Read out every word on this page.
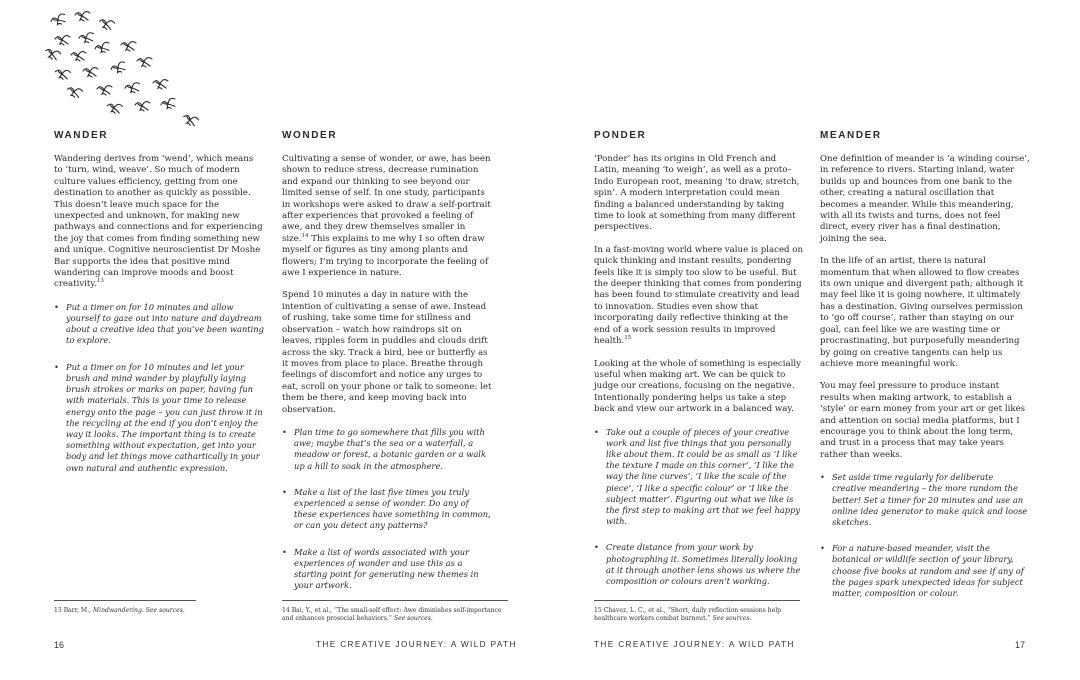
WANDER

Wandering derives from ‘wend’, which means to ‘turn, wind, weave’. So much of modern culture values efficiency, getting from one destination to another as quickly as possible. This doesn’t leave much space for the unexpected and unknown, for making new pathways and connections and for experiencing the joy that comes from finding something new and unique. Cognitive neuroscientist Dr Moshe Bar supports the idea that positive mind wandering can improve moods and boost creativity.$^{13}$

• Put a timer on for 10 minutes and allow yourself to gaze out into nature and daydream about a creative idea that you’ve been wanting to explore.
• Put a timer on for 10 minutes and let your brush and mind wander by playfully laying brush strokes or marks on paper, having fun with materials. This is your time to release energy onto the page – you can just throw it in the recycling at the end if you don’t enjoy the way it looks. The important thing is to create something without expectation, get into your body and let things move cathartically in your own natural and authentic expression.
WONDER

Cultivating a sense of wonder, or awe, has been shown to reduce stress, decrease rumination and expand our thinking to see beyond our limited sense of self. In one study, participants in workshops were asked to draw a self-portrait after experiences that provoked a feeling of awe, and they drew themselves smaller in size.$^{14}$ This explains to me why I so often draw myself or figures as tiny among plants and flowers; I’m trying to incorporate the feeling of awe I experience in nature.

Spend 10 minutes a day in nature with the intention of cultivating a sense of awe. Instead of rushing, take some time for stillness and observation – watch how raindrops sit on leaves, ripples form in puddles and clouds drift across the sky. Track a bird, bee or butterfly as it moves from place to place. Breathe through feelings of discomfort and notice any urges to eat, scroll on your phone or talk to someone: let them be there, and keep moving back into observation.

• Plan time to go somewhere that fills you with awe; maybe that’s the sea or a waterfall, a meadow or forest, a botanic garden or a walk up a hill to soak in the atmosphere.
• Make a list of the last five times you truly experienced a sense of wonder. Do any of these experiences have something in common, or can you detect any patterns?
• Make a list of words associated with your experiences of wonder and use this as a starting point for generating new themes in your artwork.
PONDER

‘Ponder’ has its origins in Old French and Latin, meaning ‘to weigh’, as well as a proto–Indo European root, meaning ‘to draw, stretch, spin’. A modern interpretation could mean finding a balanced understanding by taking time to look at something from many different perspectives.

In a fast-moving world where value is placed on quick thinking and instant results, pondering feels like it is simply too slow to be useful. But the deeper thinking that comes from pondering has been found to stimulate creativity and lead to innovation. Studies even show that incorporating daily reflective thinking at the end of a work session results in improved health.$^{15}$

Looking at the whole of something is especially useful when making art. We can be quick to judge our creations, focusing on the negative. Intentionally pondering helps us take a step back and view our artwork in a balanced way.

• Take out a couple of pieces of your creative work and list five things that you personally like about them. It could be as small as ‘I like the texture I made on this corner’, ‘I like the way the line curves’, ‘I like the scale of the piece’, ‘I like a specific colour’ or ‘I like the subject matter’. Figuring out what we like is the first step to making art that we feel happy with.
• Create distance from your work by photographing it. Sometimes literally looking at it through another lens shows us where the composition or colours aren’t working.
MEANDER

One definition of meander is ‘a winding course’, in reference to rivers. Starting inland, water builds up and bounces from one bank to the other, creating a natural oscillation that becomes a meander. While this meandering, with all its twists and turns, does not feel direct, every river has a final destination, joining the sea.

In the life of an artist, there is natural momentum that when allowed to flow creates its own unique and divergent path; although it may feel like it is going nowhere, it ultimately has a destination. Giving ourselves permission to ‘go off course’, rather than staying on our goal, can feel like we are wasting time or procrastinating, but purposefully meandering by going on creative tangents can help us achieve more meaningful work.

You may feel pressure to produce instant results when making artwork, to establish a ‘style’ or earn money from your art or get likes and attention on social media platforms, but I encourage you to think about the long term, and trust in a process that may take years rather than weeks.

• Set aside time regularly for deliberate creative meandering – the more random the better! Set a timer for 20 minutes and use an online idea generator to make quick and loose sketches.
• For a nature-based meander, visit the botanical or wildlife section of your library, choose five books at random and see if any of the pages spark unexpected ideas for subject matter, composition or colour.
13 Barr, M., Mindwandering. See sources.	14 Bai, Y., et al., “The small-self effect: Awe diminishes self-importance and enhances prosocial behaviors.” See sources.
15 Chavez, L. C., et al., “Short, daily reflection sessions help healthcare workers combat burnout.” See sources.
16	THE CREATIVE JOURNEY: A WILD PATH	THE CREATIVE JOURNEY: A WILD PATH	17
